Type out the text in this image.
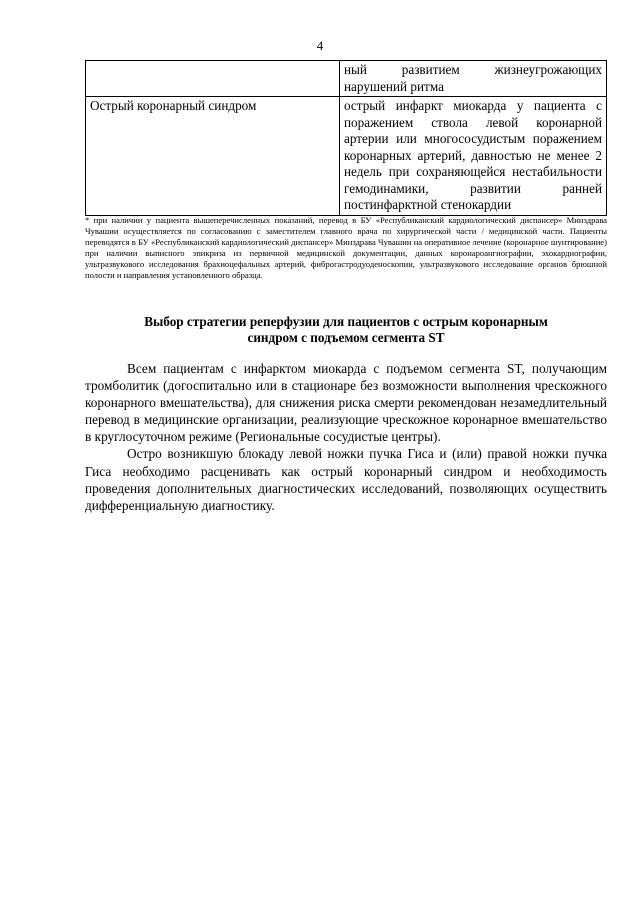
4
	ный развитием жизнеугрожающих нарушений ритма
Острый коронарный синдром	острый инфаркт миокарда у пациента с поражением ствола левой коронарной артерии или многососудистым поражением коронарных артерий, давностью не менее 2 недель при сохраняющейся нестабильности гемодинамики, развитии ранней постинфарктной стенокардии
* при наличии у пациента вышеперечисленных показаний, перевод в БУ «Республиканский кардиологический диспансер» Минздрава Чувашии осуществляется по согласованию с заместителем главного врача по хирургической части / медицинской части. Пациенты переводятся в БУ «Республиканский кардиологический диспансер» Минздрава Чувашии на оперативное лечение (коронарное шунтирование) при наличии выписного эпикриза из первичной медицинской документации, данных коронароангиографии, эхокардиографии, ультразвукового исследования брахиоцефальных артерий, фиброгастродуоденоскопии, ультразвукового исследование органов брюшной полости и направления установленного образца.
Выбор стратегии реперфузии для пациентов с острым коронарным
синдром с подъемом сегмента ST

Всем пациентам с инфарктом миокарда с подъемом сегмента ST, получающим тромболитик (догоспитально или в стационаре без возможности выполнения чрескожного коронарного вмешательства), для снижения риска смерти рекомендован незамедлительный перевод в медицинские организации, реализующие чрескожное коронарное вмешательство в круглосуточном режиме (Региональные сосудистые центры).

Остро возникшую блокаду левой ножки пучка Гиса и (или) правой ножки пучка Гиса необходимо расценивать как острый коронарный синдром и необходимость проведения дополнительных диагностических исследований, позволяющих осуществить дифференциальную диагностику.
